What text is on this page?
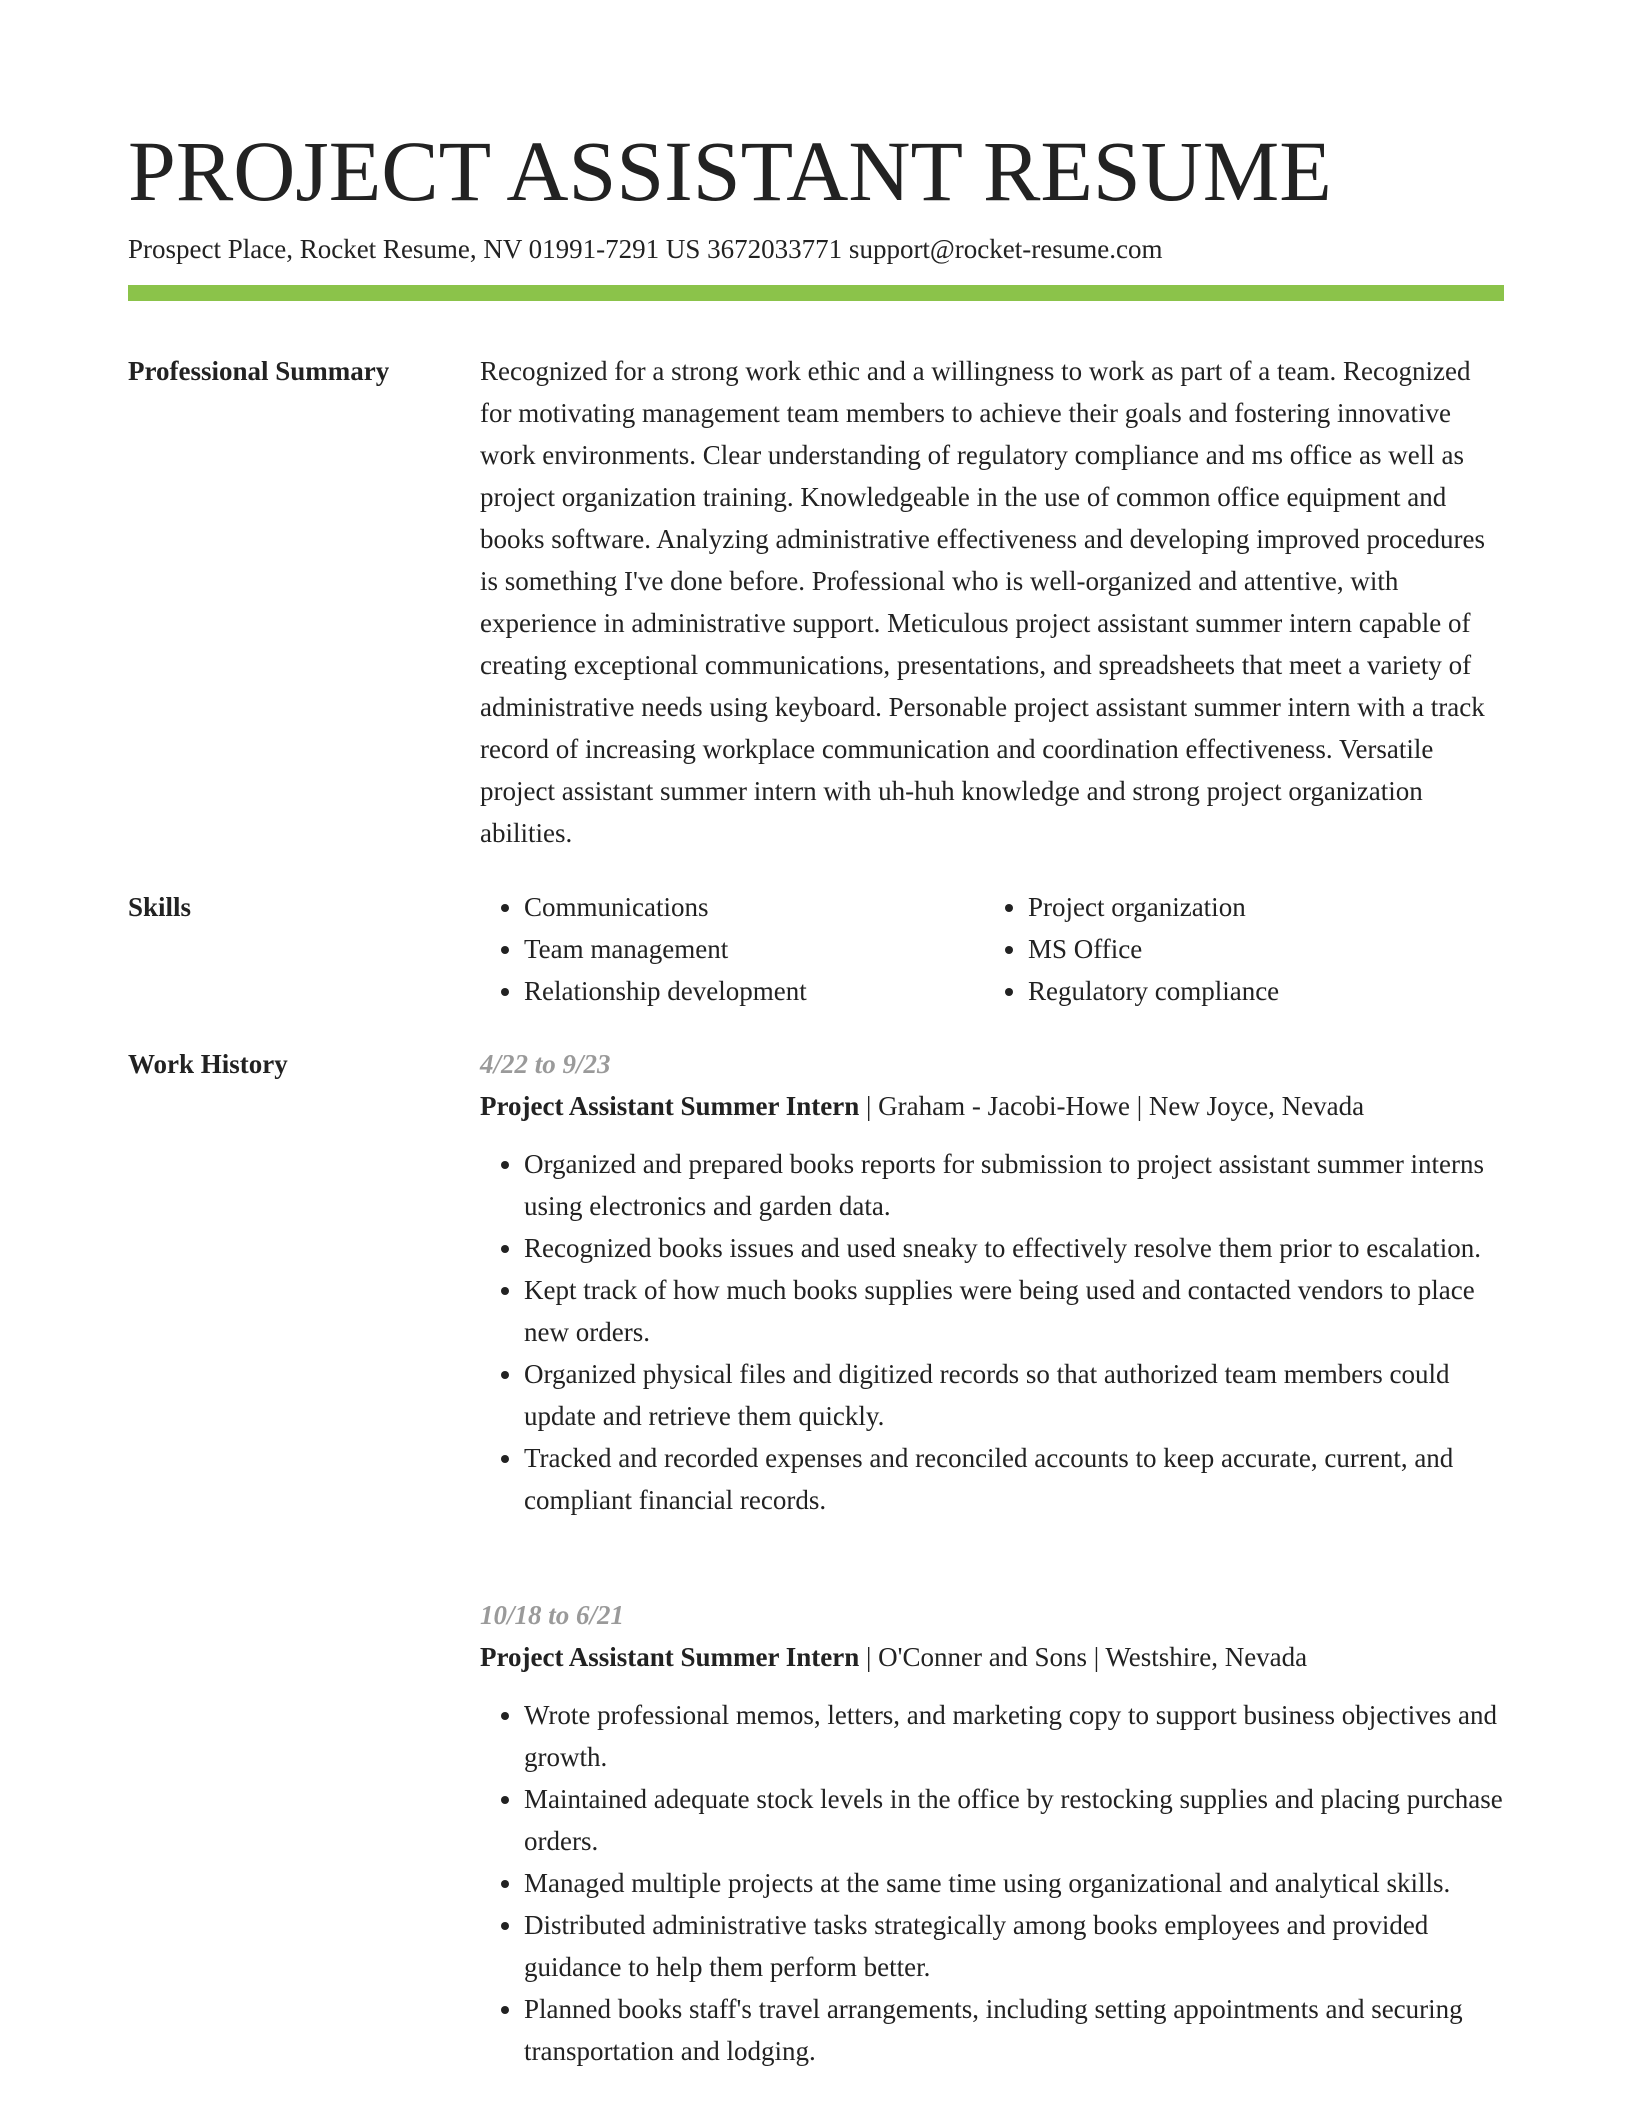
PROJECT ASSISTANT RESUME
Prospect Place, Rocket Resume, NV 01991-7291 US 3672033771 support@rocket-resume.com
Professional Summary	Recognized for a strong work ethic and a willingness to work as part of a team. Recognized for motivating management team members to achieve their goals and fostering innovative work environments. Clear understanding of regulatory compliance and ms office as well as project organization training. Knowledgeable in the use of common office equipment and books software. Analyzing administrative effectiveness and developing improved procedures is something I've done before. Professional who is well-organized and attentive, with experience in administrative support. Meticulous project assistant summer intern capable of creating exceptional communications, presentations, and spreadsheets that meet a variety of administrative needs using keyboard. Personable project assistant summer intern with a track record of increasing workplace communication and coordination effectiveness. Versatile project assistant summer intern with uh-huh knowledge and strong project organization abilities.

Skills
•	Communications
• Team management
• Relationship development
• Project organization
• MS Office
• Regulatory compliance
Work History	4/22 to 9/23
Project Assistant Summer Intern | Graham - Jacobi-Howe | New Joyce, Nevada
• Organized and prepared books reports for submission to project assistant summer interns using electronics and garden data.
• Recognized books issues and used sneaky to effectively resolve them prior to escalation.
• Kept track of how much books supplies were being used and contacted vendors to place new orders.
• Organized physical files and digitized records so that authorized team members could update and retrieve them quickly.
• Tracked and recorded expenses and reconciled accounts to keep accurate, current, and compliant financial records.
10/18 to 6/21
Project Assistant Summer Intern | O'Conner and Sons | Westshire, Nevada
• Wrote professional memos, letters, and marketing copy to support business objectives and growth.
• Maintained adequate stock levels in the office by restocking supplies and placing purchase orders.
• Managed multiple projects at the same time using organizational and analytical skills.
• Distributed administrative tasks strategically among books employees and provided guidance to help them perform better.
• Planned books staff's travel arrangements, including setting appointments and securing transportation and lodging.
